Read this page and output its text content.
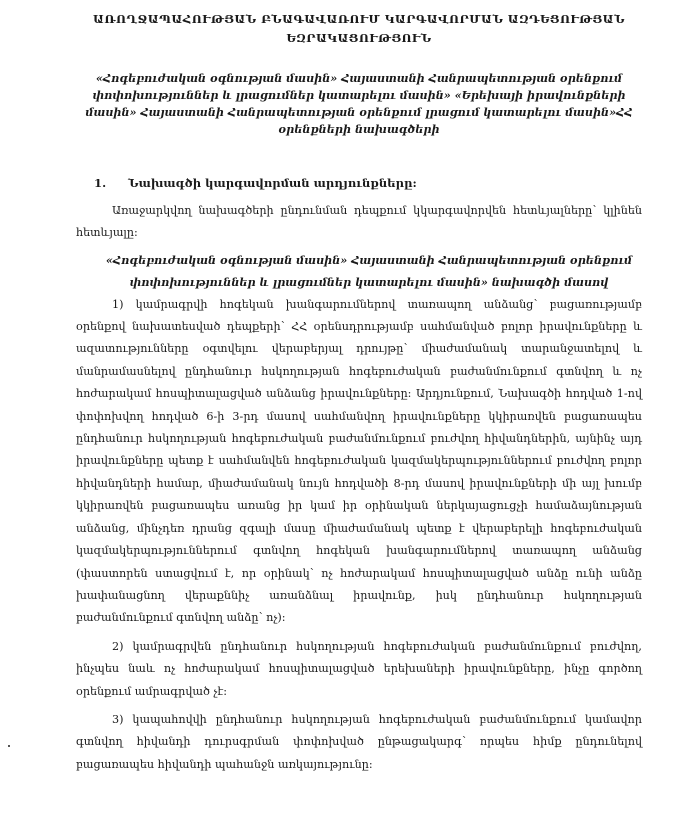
ԱՌՈՂՋԱՊԱՀՈՒԹՅԱՆ ԲՆԱԳԱՎԱՌՈՒՄ ԿԱՐԳԱՎՈՐՄԱՆ ԱԶԴԵՑՈՒԹՅԱՆ ԵԶՐԱԿԱՑՈՒԹՅՈՒՆ

«Հոգեբուժական օգնության մասին» Հայաստանի Հանրապետության օրենքում փոփոխություններ և լրացումներ կատարելու մասին» «Երեխայի իրավունքների մասին» Հայաստանի Հանրապետության օրենքում լրացում կատարելու մասին»ՀՀ օրենքների նախագծերի

1. Նախագծի կարգավորման արդյունքները:

Առաջարկվող նախագծերի ընդունման դեպքում կկարգավորվեն հետևյալները՝ կլինեն հետևյալը:

«Հոգեբուժական օգնության մասին» Հայաստանի Հանրապետության օրենքում փոփոխություններ և լրացումներ կատարելու մասին» նախագծի մասով

1) կամրագրվի հոգեկան խանգարումներով տառապող անձանց՝ բացառությամբ օրենքով նախատեսված դեպքերի՝ ՀՀ օրենսդրությամբ սահմանված բոլոր իրավունքները և ազատությունները օգտվելու վերաբերյալ դրույթը՝ միաժամանակ տարանջատելով և մանրամասնելով ընդհանուր հսկողության հոգեբուժական բաժանմունքում գտնվող և ոչ հոժարակամ հոսպիտալացված անձանց իրավունքները: Արդյունքում, Նախագծի հոդված 1-ով փոփոխվող հոդված 6-ի 3-րդ մասով սահմանվող իրավունքները կկիրառվեն բացառապես ընդհանուր հսկողության հոգեբուժական բաժանմունքում բուժվող հիվանդներին, այնինչ այդ իրավունքները պետք է սահմանվեն հոգեբուժական կազմակերպություններում բուժվող բոլոր հիվանդների համար, միաժամանակ նույն հոդվածի 8-րդ մասով իրավունքների մի այլ խումբ կկիրառվեն բացառապես առանց իր կամ իր օրինական ներկայացուցչի համաձայնության անձանց, մինչդեռ դրանց զգալի մասը միաժամանակ պետք է վերաբերելի հոգեբուժական կազմակերպություններում գտնվող հոգեկան խանգարումներով տառապող անձանց (փաստորեն ստացվում է, որ օրինակ՝ ոչ հոժարակամ հոսպիտալացված անձը ունի անձը խափանացնող վերաքննիչ առանձնալ իրավունք, իսկ ընդհանուր հսկողության բաժանմունքում գտնվող անձը՝ ոչ):

2) կամրագրվեն ընդհանուր հսկողության հոգեբուժական բաժանմունքում բուժվող, ինչպես նաև ոչ հոժարակամ հոսպիտալացված երեխաների իրավունքները, ինչը գործող օրենքում ամրագրված չէ:

3) կապահովվի ընդհանուր հսկողության հոգեբուժական բաժանմունքում կամավոր գտնվող հիվանդի դուրսգրման փոփոխված ընթացակարգ՝ որպես հիմք ընդունելով բացառապես հիվանդի պահանջն առկայությունը:
